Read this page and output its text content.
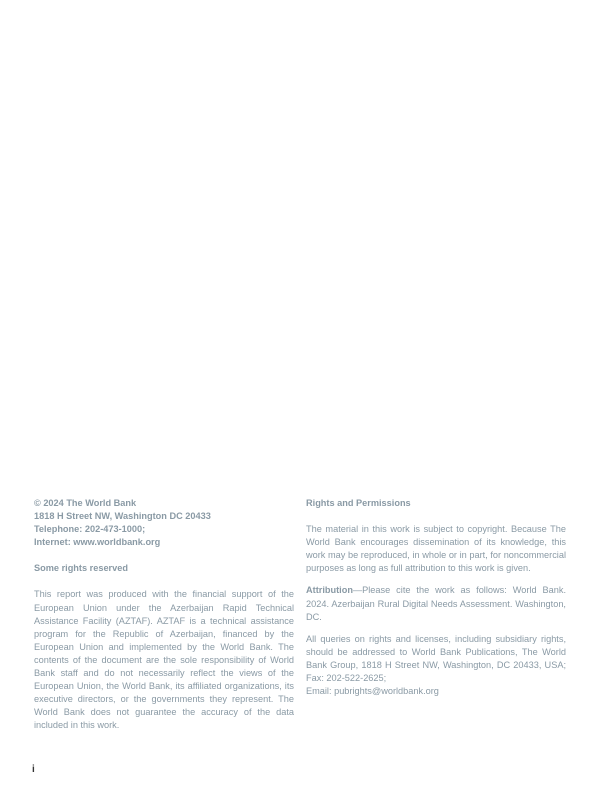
© 2024 The World Bank
1818 H Street NW, Washington DC 20433
Telephone: 202-473-1000;
Internet: www.worldbank.org
Some rights reserved
This report was produced with the financial support of the European Union under the Azerbaijan Rapid Technical Assistance Facility (AZTAF). AZTAF is a technical assistance program for the Republic of Azerbaijan, financed by the European Union and implemented by the World Bank. The contents of the document are the sole responsibility of World Bank staff and do not necessarily reflect the views of the European Union, the World Bank, its affiliated organizations, its executive directors, or the governments they represent. The World Bank does not guarantee the accuracy of the data included in this work.
Rights and Permissions
The material in this work is subject to copyright. Because The World Bank encourages dissemination of its knowledge, this work may be reproduced, in whole or in part, for noncommercial purposes as long as full attribution to this work is given.
Attribution—Please cite the work as follows: World Bank. 2024. Azerbaijan Rural Digital Needs Assessment. Washington, DC.
All queries on rights and licenses, including subsidiary rights, should be addressed to World Bank Publications, The World Bank Group, 1818 H Street NW, Washington, DC 20433, USA; Fax: 202-522-2625;
Email: pubrights@worldbank.org
i
